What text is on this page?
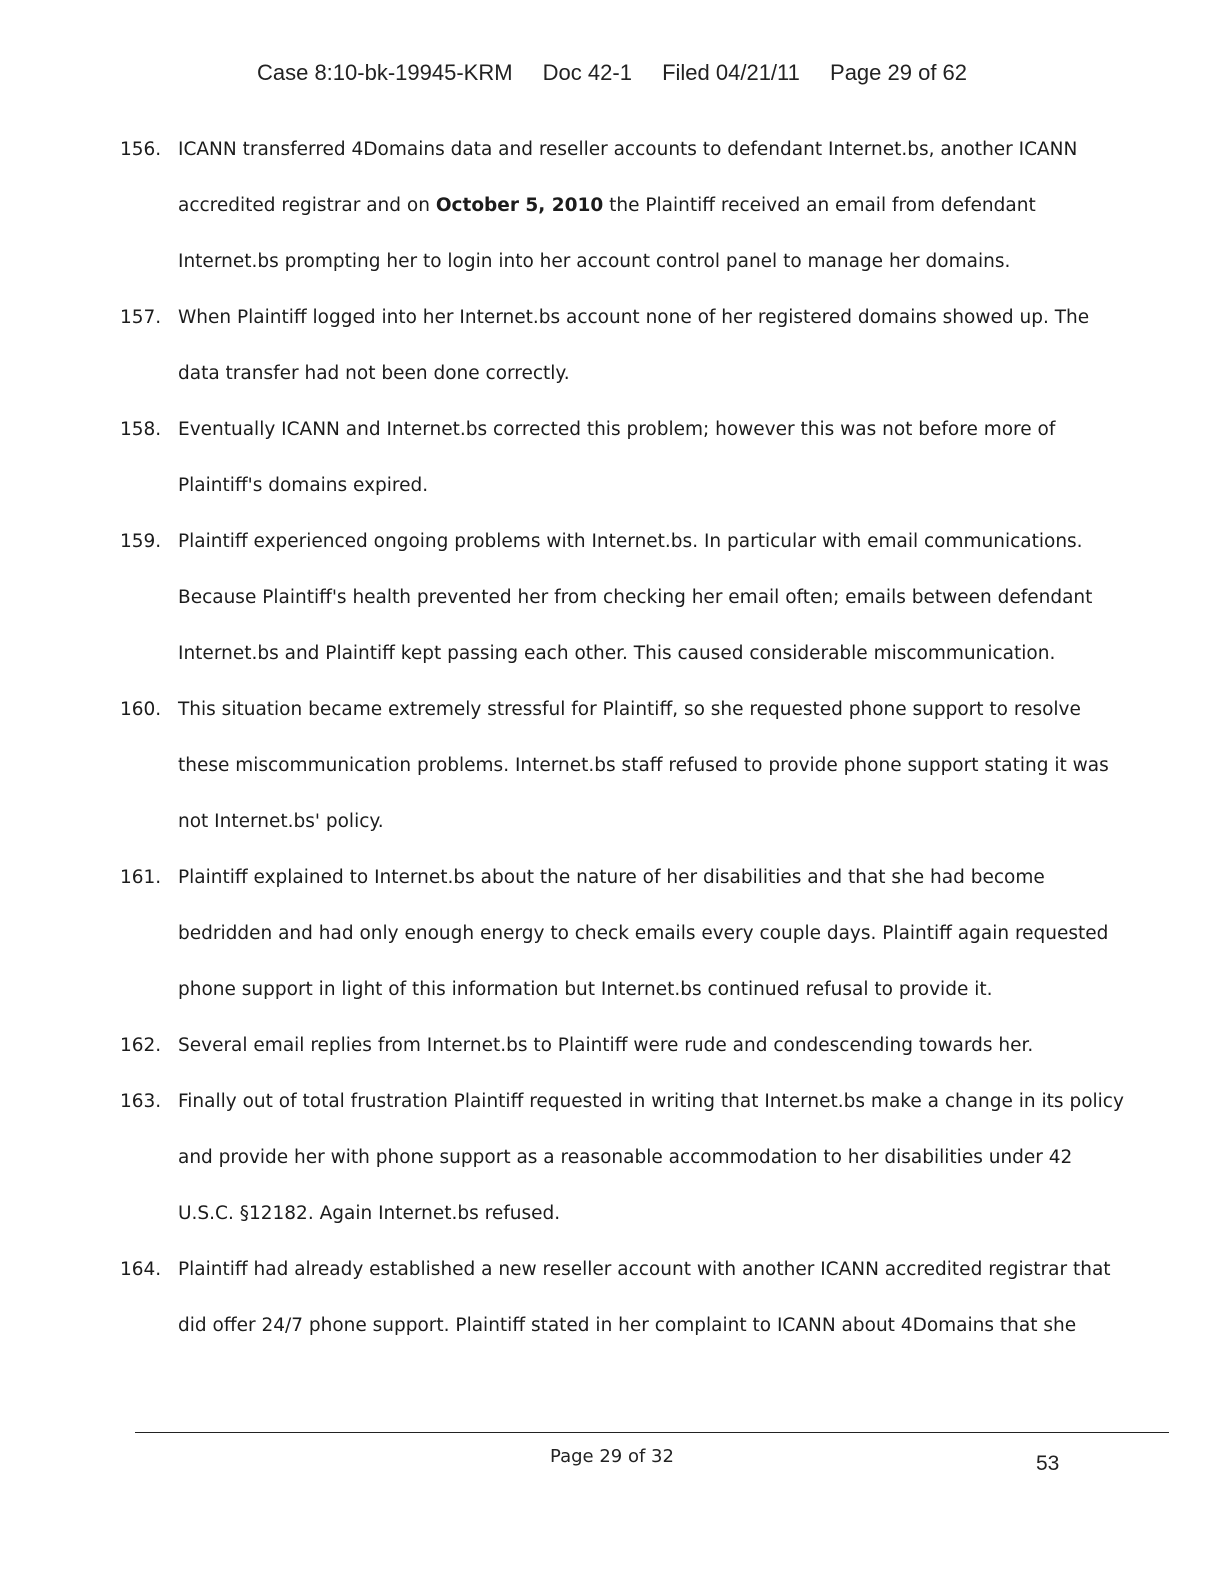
Case 8:10-bk-19945-KRM Doc 42-1 Filed 04/21/11 Page 29 of 62
156. ICANN transferred 4Domains data and reseller accounts to defendant Internet.bs, another ICANN accredited registrar and on October 5, 2010 the Plaintiff received an email from defendant Internet.bs prompting her to login into her account control panel to manage her domains.
157. When Plaintiff logged into her Internet.bs account none of her registered domains showed up. The data transfer had not been done correctly.
158. Eventually ICANN and Internet.bs corrected this problem; however this was not before more of Plaintiff's domains expired.
159. Plaintiff experienced ongoing problems with Internet.bs. In particular with email communications. Because Plaintiff's health prevented her from checking her email often; emails between defendant Internet.bs and Plaintiff kept passing each other. This caused considerable miscommunication.
160. This situation became extremely stressful for Plaintiff, so she requested phone support to resolve these miscommunication problems. Internet.bs staff refused to provide phone support stating it was not Internet.bs' policy.
161. Plaintiff explained to Internet.bs about the nature of her disabilities and that she had become bedridden and had only enough energy to check emails every couple days. Plaintiff again requested phone support in light of this information but Internet.bs continued refusal to provide it.
162. Several email replies from Internet.bs to Plaintiff were rude and condescending towards her.
163. Finally out of total frustration Plaintiff requested in writing that Internet.bs make a change in its policy and provide her with phone support as a reasonable accommodation to her disabilities under 42 U.S.C. §12182. Again Internet.bs refused.
164. Plaintiff had already established a new reseller account with another ICANN accredited registrar that did offer 24/7 phone support. Plaintiff stated in her complaint to ICANN about 4Domains that she
Page 29 of 32	53
